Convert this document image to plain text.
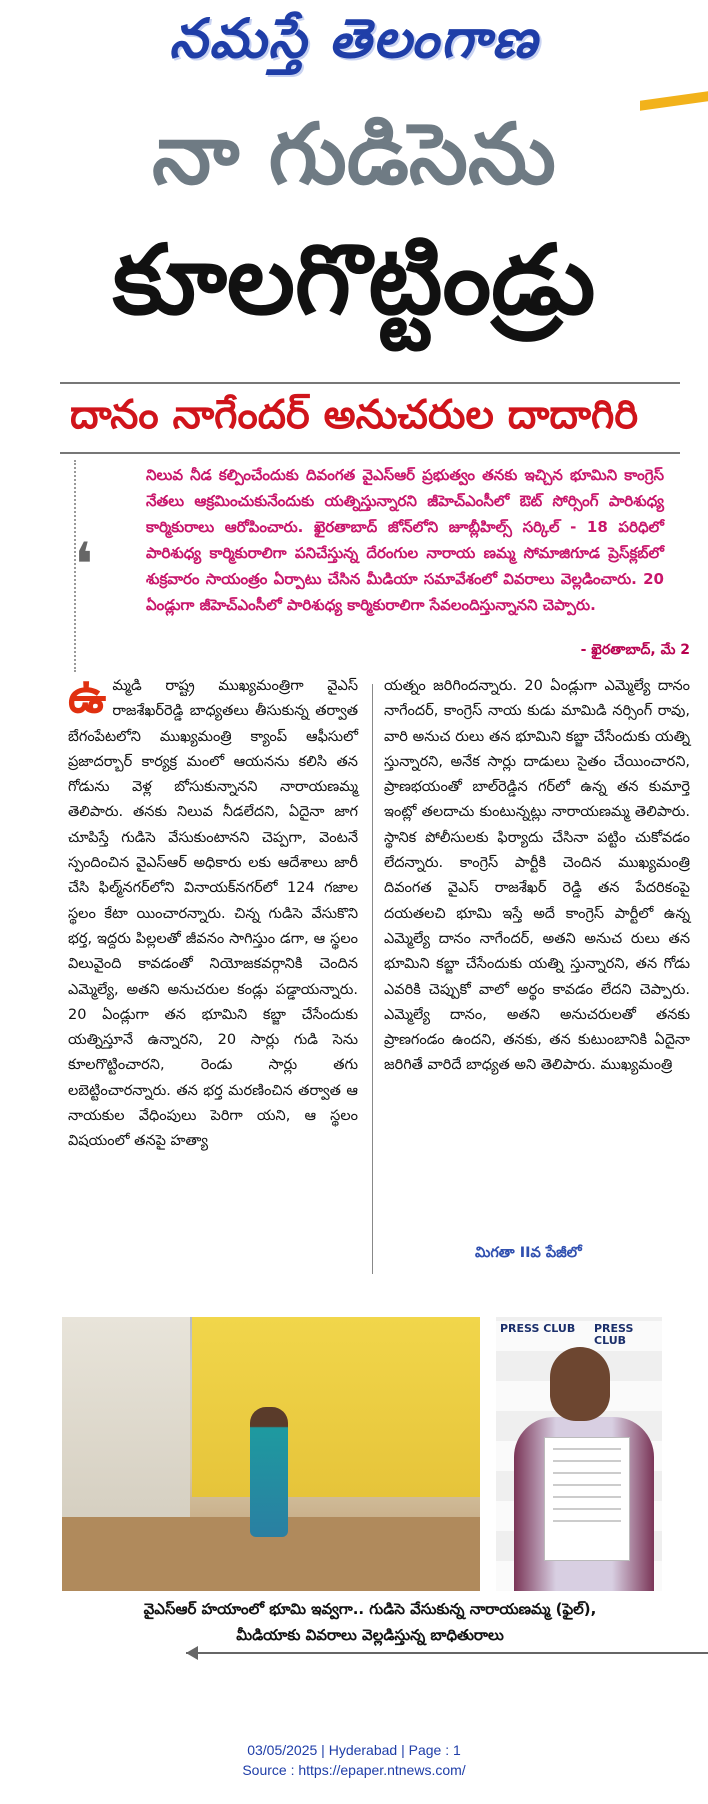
నమస్తే తెలంగాణ
నా గుడిసెను
కూలగొట్టిండ్రు
దానం నాగేందర్ అనుచరుల దాదాగిరి
❛
నిలువ నీడ కల్పించేందుకు దివంగత వైఎస్‌ఆర్ ప్రభుత్వం తనకు ఇచ్చిన భూమిని కాంగ్రెస్ నేతలు ఆక్రమించుకునేందుకు యత్నిస్తున్నారని జీహెచ్‌ఎంసీలో ఔట్ సోర్సింగ్ పారిశుధ్య కార్మికురాలు ఆరోపించారు. ఖైరతాబాద్ జోన్‌లోని జూబ్లీహిల్స్ సర్కిల్ - 18 పరిధిలో పారిశుధ్య కార్మికురాలిగా పనిచేస్తున్న దేరంగుల నారాయ ణమ్మ సోమాజిగూడ ప్రెస్‌క్లబ్‌లో శుక్రవారం సాయంత్రం ఏర్పాటు చేసిన మీడియా సమావేశంలో వివరాలు వెల్లడించారు. 20 ఏండ్లుగా జీహెచ్‌ఎంసీలో పారిశుధ్య కార్మికురాలిగా సేవలందిస్తున్నానని చెప్పారు.
- ఖైరతాబాద్, మే 2
ఉ మ్మడి రాష్ట్ర ముఖ్యమంత్రిగా వైఎస్ రాజశేఖర్‌రెడ్డి బాధ్యతలు తీసుకున్న తర్వాత బేగంపేటలోని ముఖ్యమంత్రి క్యాంప్ ఆఫీసులో ప్రజాదర్బార్ కార్యక్ర మంలో ఆయనను కలిసి తన గోడును వెళ్ల బోసుకున్నానని నారాయణమ్మ తెలిపారు. తనకు నిలువ నీడలేదని, ఏదైనా జాగ చూపిస్తే గుడిసె వేసుకుంటానని చెప్పగా, వెంటనే స్పందించిన వైఎస్ఆర్ అధికారు లకు ఆదేశాలు జారీ చేసి ఫిల్మ్‌నగర్‌లోని వినాయక్‌నగర్‌లో 124 గజాల స్థలం కేటా యించారన్నారు. చిన్న గుడిసె వేసుకొని భర్త, ఇద్దరు పిల్లలతో జీవనం సాగిస్తుం డగా, ఆ స్థలం విలువైంది కావడంతో నియోజకవర్గానికి చెందిన ఎమ్మెల్యే, అతని అనుచరుల కండ్లు పడ్డాయన్నారు. 20 ఏండ్లుగా తన భూమిని కబ్జా చేసేందుకు యత్నిస్తూనే ఉన్నారని, 20 సార్లు గుడి సెను కూలగొట్టించారని, రెండు సార్లు తగు లబెట్టించారన్నారు. తన భర్త మరణించిన తర్వాత ఆ నాయకుల వేధింపులు పెరిగా యని, ఆ స్థలం విషయంలో తనపై హత్యా
యత్నం జరిగిందన్నారు. 20 ఏండ్లుగా ఎమ్మెల్యే దానం నాగేందర్, కాంగ్రెస్ నాయ కుడు మామిడి నర్సింగ్ రావు, వారి అనుచ రులు తన భూమిని కబ్జా చేసేందుకు యత్ని స్తున్నారని, అనేక సార్లు దాడులు సైతం చేయించారని, ప్రాణభయంతో బాల్‌రెడ్డిన గర్‌లో ఉన్న తన కుమార్తె ఇంట్లో తలదాచు కుంటున్నట్లు నారాయణమ్మ తెలిపారు. స్థానిక పోలీసులకు ఫిర్యాదు చేసినా పట్టిం చుకోవడం లేదన్నారు. కాంగ్రెస్ పార్టీకి చెందిన ముఖ్యమంత్రి దివంగత వైఎస్ రాజశేఖర్ రెడ్డి తన పేదరికంపై దయతలచి భూమి ఇస్తే అదే కాంగ్రెస్ పార్టీలో ఉన్న ఎమ్మెల్యే దానం నాగేందర్, అతని అనుచ రులు తన భూమిని కబ్జా చేసేందుకు యత్ని స్తున్నారని, తన గోడు ఎవరికి చెప్పుకో వాలో అర్థం కావడం లేదని చెప్పారు. ఎమ్మెల్యే దానం, అతని అనుచరులతో తనకు ప్రాణగండం ఉందని, తనకు, తన కుటుంబానికి ఏదైనా జరిగితే వారిదే బాధ్యత అని తెలిపారు. ముఖ్యమంత్రి
మిగతా IIవ పేజీలో
PRESS CLUB PRESS CLUB
వైఎస్‌ఆర్ హయాంలో భూమి ఇవ్వగా.. గుడిసె వేసుకున్న నారాయణమ్మ (ఫైల్),
మీడియాకు వివరాలు వెల్లడిస్తున్న బాధితురాలు
03/05/2025 | Hyderabad | Page : 1
Source : https://epaper.ntnews.com/
